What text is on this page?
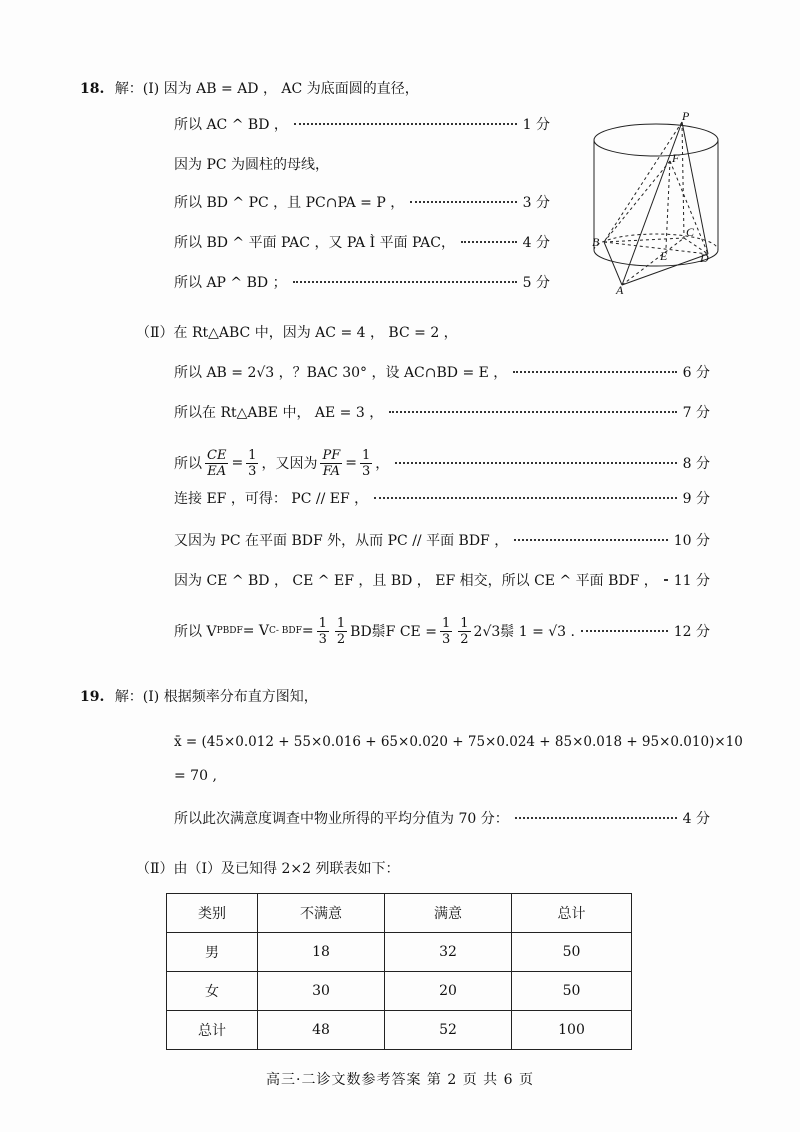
18. 解：(Ⅰ) 因为 AB = AD ， AC 为底面圆的直径，
所以 AC ^ BD ，	1 分
因为 PC 为圆柱的母线，
所以 BD ^ PC ，且 PC∩PA = P ，	3 分
所以 BD ^ 平面 PAC ，又 PA Ì 平面 PAC，	4 分
所以 AP ^ BD ；	5 分
P
F
B
C
E	D
A
（Ⅱ）在 Rt△ABC 中，因为 AC = 4 ， BC = 2 ，
所以 AB = 2√3 ，？BAC 30° ，设 AC∩BD = E ，	6 分
所以在 Rt△ABE 中， AE = 3 ，	7 分
所以 $\frac{CE}{EA} = \frac{1}{3}$ ，又因为 $\frac{PF}{FA} = \frac{1}{3}$ ，	8 分
连接 EF ，可得： PC // EF ，	9 分
又因为 PC 在平面 BDF 外，从而 PC // 平面 BDF ，	10 分
因为 CE ^ BD ， CE ^ EF ，且 BD ， EF 相交，所以 CE ^ 平面 BDF ， 11 分
所以 V PBDF = V C- BDF = $\frac{1}{3} \frac{1}{2}$ BD鬃F CE = $\frac{1}{3} \frac{1}{2} 2√3$鬃 1 = √3 .	12 分
19. 解：(Ⅰ) 根据频率分布直方图知，
x̄ = (45×0.012 + 55×0.016 + 65×0.020 + 75×0.024 + 85×0.018 + 95×0.010)×10
= 70 ,
所以此次满意度调查中物业所得的平均分值为 70 分：	4 分
（Ⅱ）由（Ⅰ）及已知得 2×2 列联表如下：
类别	不满意	满意	总计
男	18	32	50
女	30	20	50
总计	48	52	100
高三·二诊文数参考答案 第 2 页 共 6 页
